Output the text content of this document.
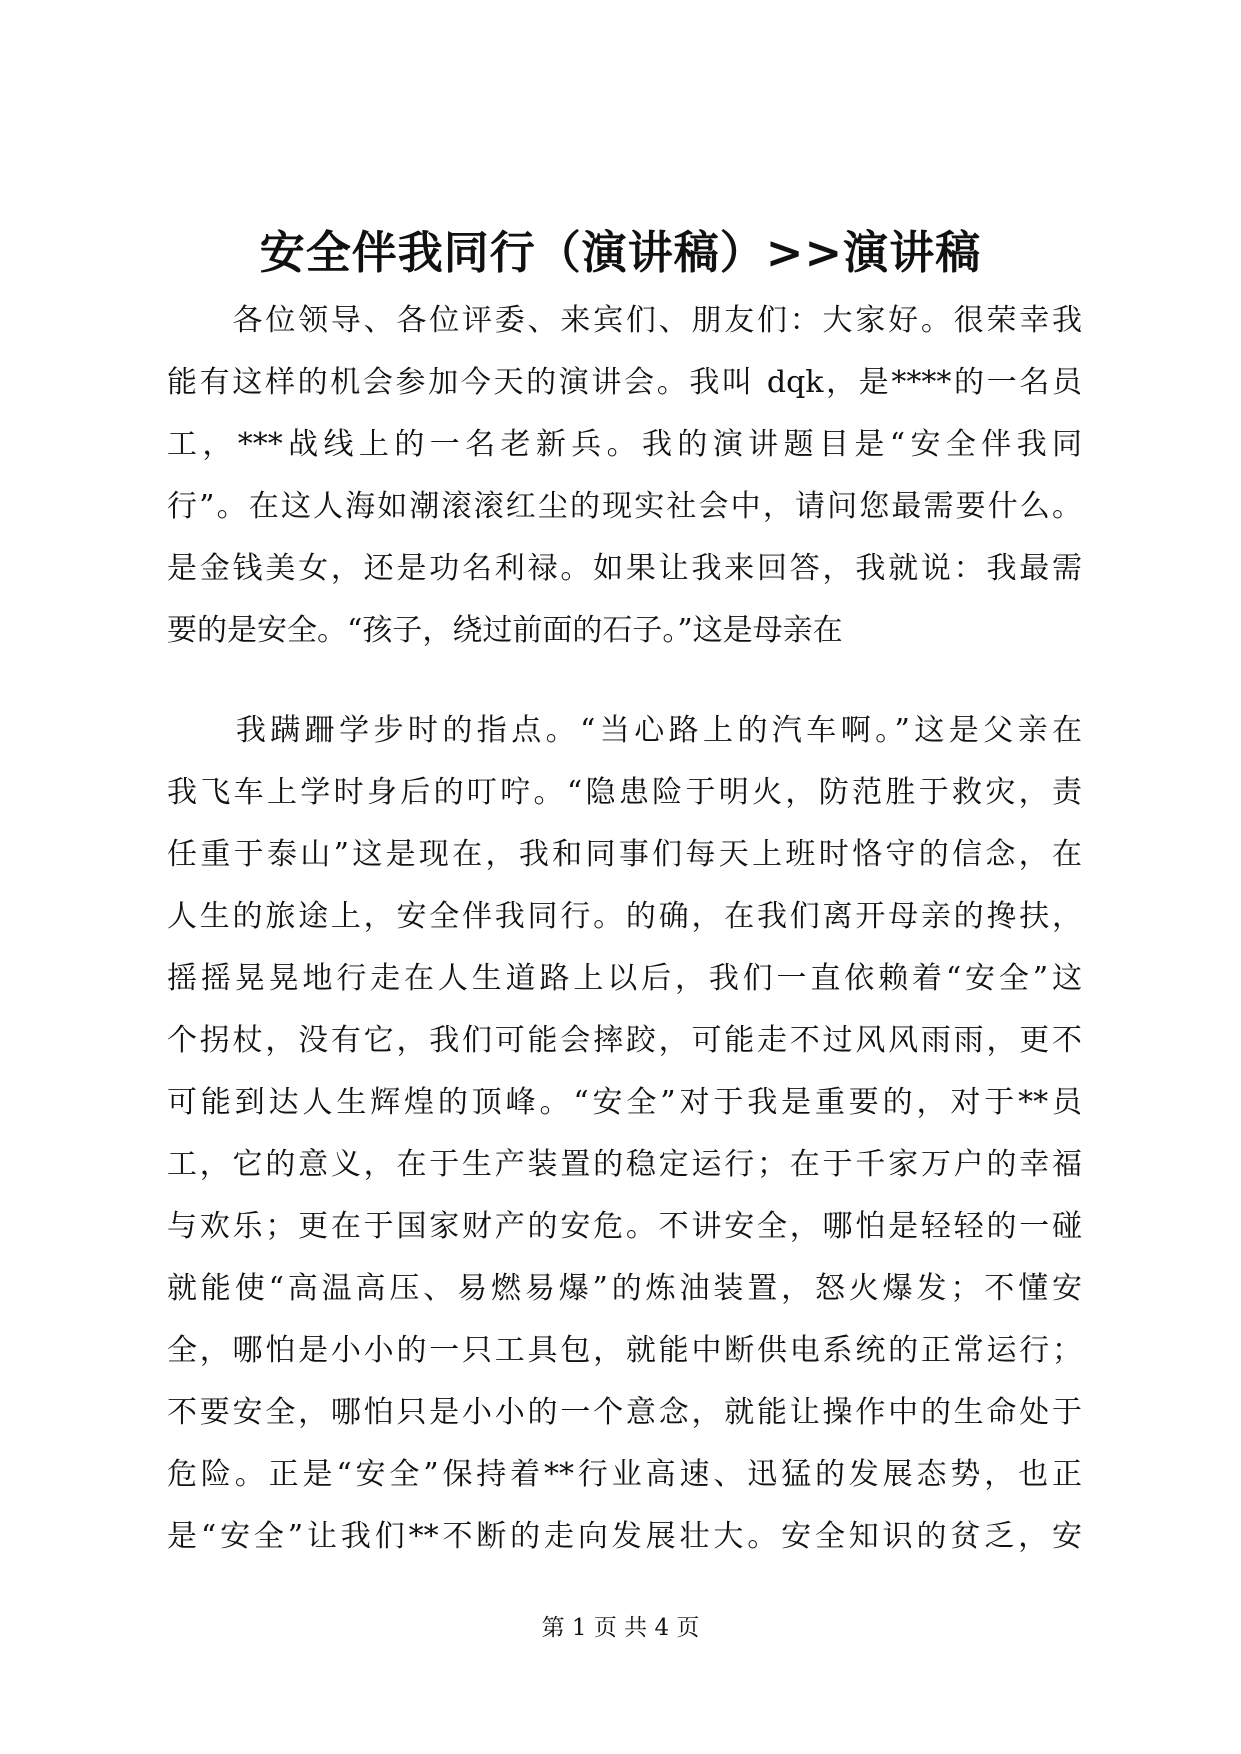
安全伴我同行（演讲稿）>>演讲稿
　　各位领导、各位评委、来宾们、朋友们：大家好。很荣幸我
能有这样的机会参加今天的演讲会。我叫 dqk，是****的一名员
工，***战线上的一名老新兵。我的演讲题目是“安全伴我同
行”。在这人海如潮滚滚红尘的现实社会中，请问您最需要什么。
是金钱美女，还是功名利禄。如果让我来回答，我就说：我最需
要的是安全。“孩子，绕过前面的石子。”这是母亲在
　　我蹒跚学步时的指点。“当心路上的汽车啊。”这是父亲在
我飞车上学时身后的叮咛。“隐患险于明火，防范胜于救灾，责
任重于泰山”这是现在，我和同事们每天上班时恪守的信念，在
人生的旅途上，安全伴我同行。的确，在我们离开母亲的搀扶，
摇摇晃晃地行走在人生道路上以后，我们一直依赖着“安全”这
个拐杖，没有它，我们可能会摔跤，可能走不过风风雨雨，更不
可能到达人生辉煌的顶峰。“安全”对于我是重要的，对于**员
工，它的意义，在于生产装置的稳定运行；在于千家万户的幸福
与欢乐；更在于国家财产的安危。不讲安全，哪怕是轻轻的一碰
就能使“高温高压、易燃易爆”的炼油装置，怒火爆发；不懂安
全，哪怕是小小的一只工具包，就能中断供电系统的正常运行；
不要安全，哪怕只是小小的一个意念，就能让操作中的生命处于
危险。正是“安全”保持着**行业高速、迅猛的发展态势，也正
是“安全”让我们**不断的走向发展壮大。安全知识的贫乏，安
第 1 页 共 4 页
